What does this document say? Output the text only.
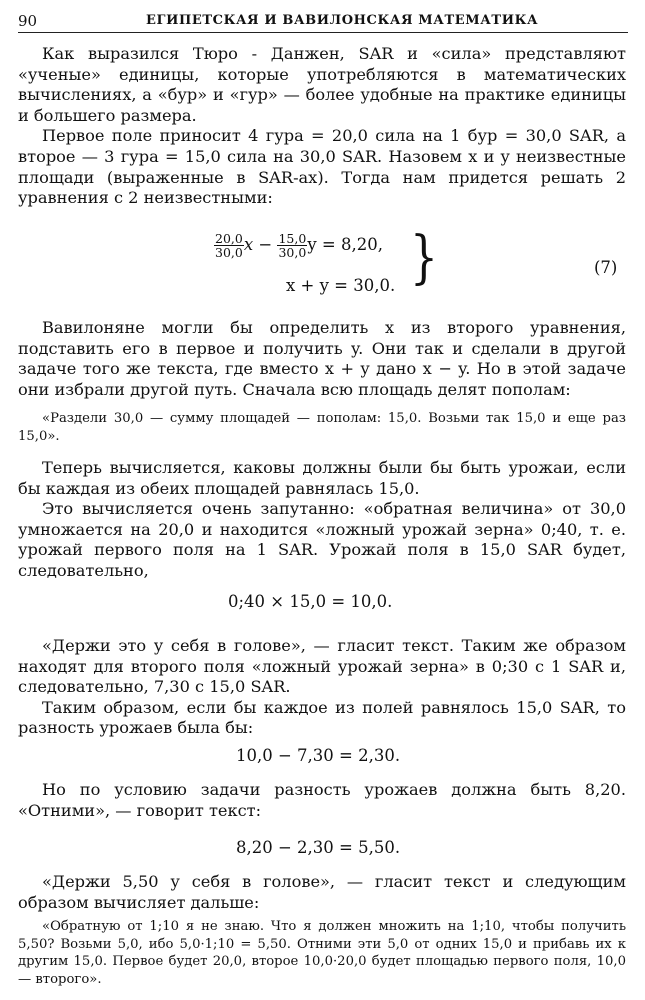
90	ЕГИПЕТСКАЯ И ВАВИЛОНСКАЯ МАТЕМАТИКА

Как выразился Тюро - Данжен, SAR и «сила» представляют «ученые» единицы, которые употребляются в математических вычислениях, а «бур» и «гур» — более удобные на практике единицы и большего размера.

Первое поле приносит 4 гура = 20,0 сила на 1 бур = 30,0 SAR, а второе — 3 гура = 15,0 сила на 30,0 SAR. Назовем x и y неизвестные площади (выраженные в SAR-ах). Тогда нам придется решать 2 уравнения с 2 неизвестными:

$\frac{20,0}{30,0}$ $x - \frac{15,0}{30,0}$ y = 8,20,
x + y = 30,0. }	(7)

Вавилоняне могли бы определить x из второго уравнения, подставить его в первое и получить y. Они так и сделали в другой задаче того же текста, где вместо x + y дано x − y. Но в этой задаче они избрали другой путь. Сначала всю площадь делят пополам:

«Раздели 30,0 — сумму площадей — пополам: 15,0. Возьми так 15,0 и еще раз 15,0».

Теперь вычисляется, каковы должны были бы быть урожаи, если бы каждая из обеих площадей равнялась 15,0.

Это вычисляется очень запутанно: «обратная величина» от 30,0 умножается на 20,0 и находится «ложный урожай зерна» 0;40, т. е. урожай первого поля на 1 SAR. Урожай поля в 15,0 SAR будет, следовательно,

0;40 × 15,0 = 10,0.

«Держи это у себя в голове», — гласит текст. Таким же образом находят для второго поля «ложный урожай зерна» в 0;30 с 1 SAR и, следовательно, 7,30 с 15,0 SAR.

Таким образом, если бы каждое из полей равнялось 15,0 SAR, то разность урожаев была бы:

10,0 − 7,30 = 2,30.

Но по условию задачи разность урожаев должна быть 8,20. «Отними», — говорит текст:

8,20 − 2,30 = 5,50.

«Держи 5,50 у себя в голове», — гласит текст и следующим образом вычисляет дальше:

«Обратную от 1;10 я не знаю. Что я должен множить на 1;10, чтобы получить 5,50? Возьми 5,0, ибо 5,0·1;10 = 5,50. Отними эти 5,0 от одних 15,0 и прибавь их к другим 15,0. Первое будет 20,0, второе 10,0·20,0 будет площадью первого поля, 10,0 — второго».
